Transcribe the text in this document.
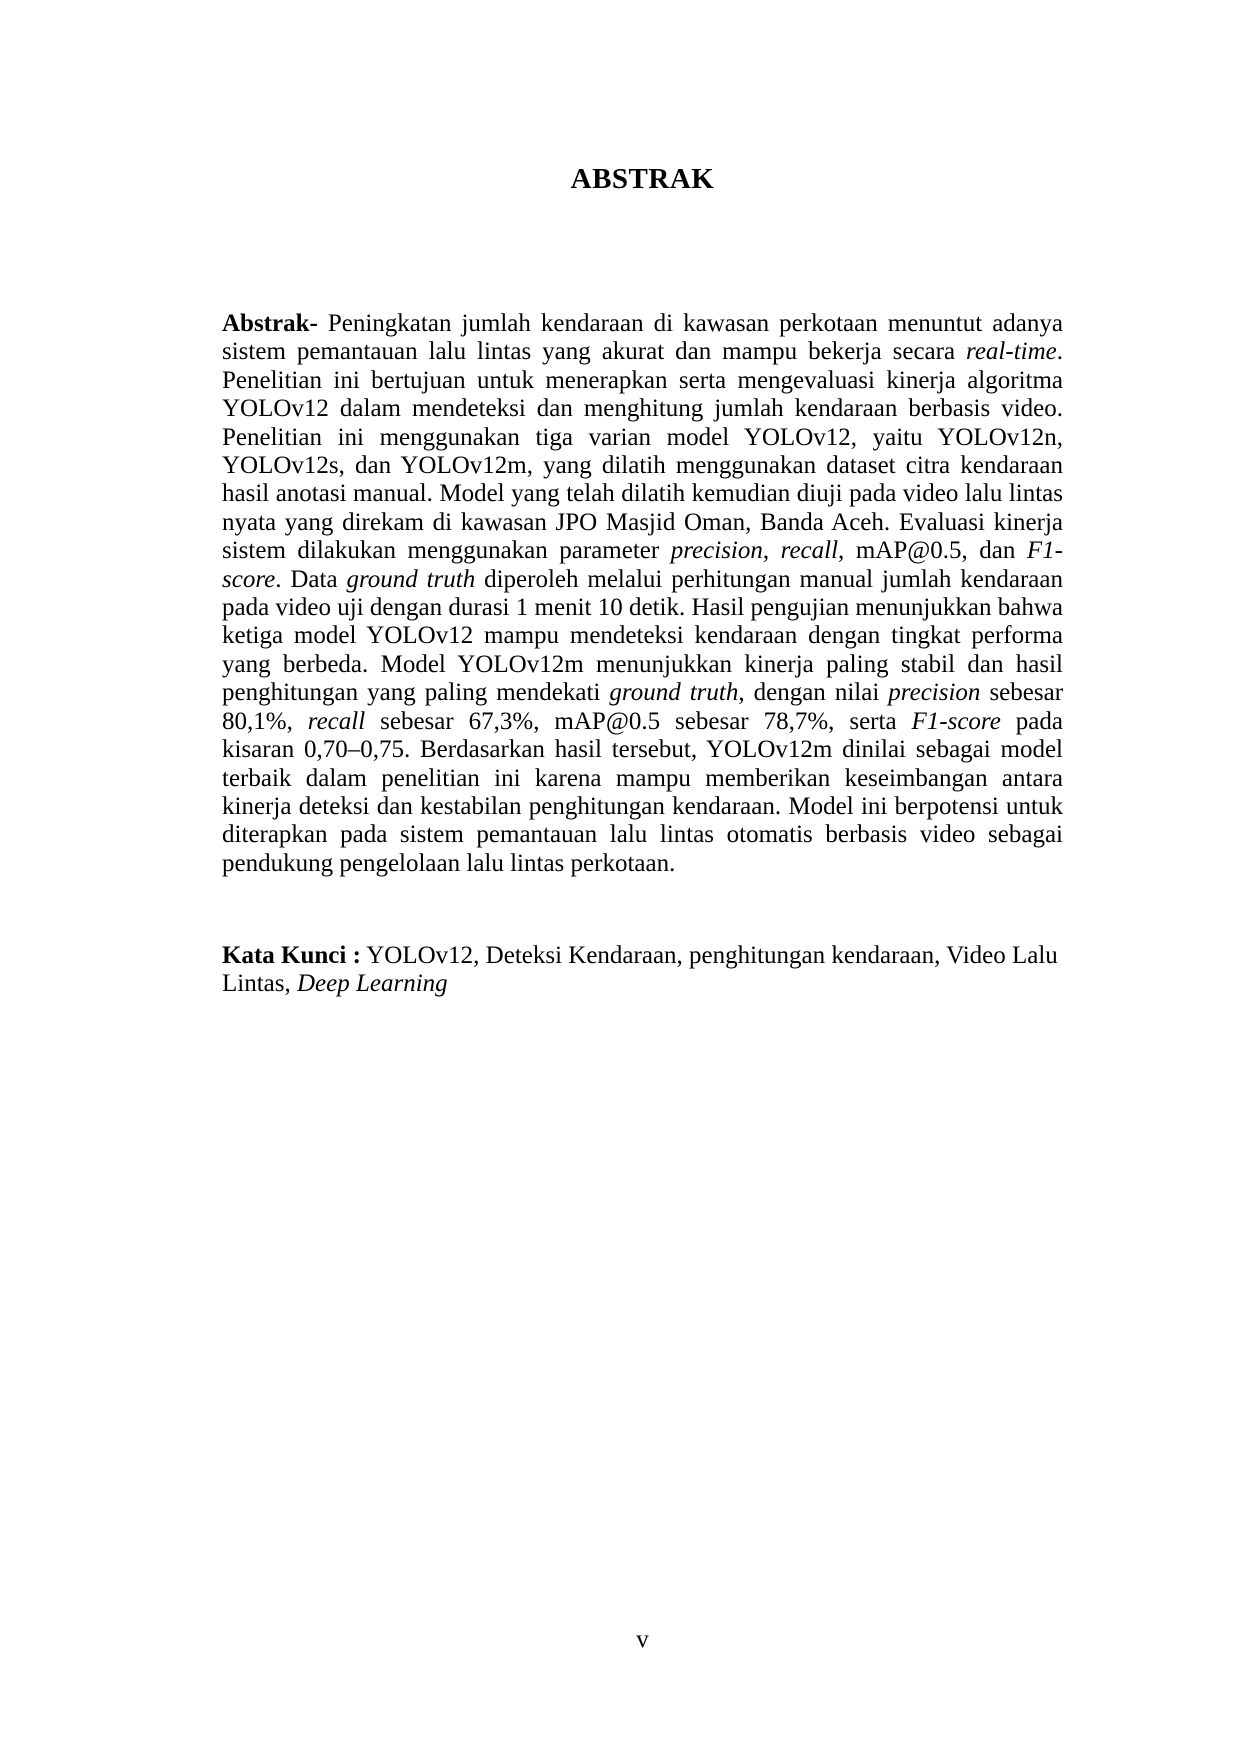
ABSTRAK

Abstrak- Peningkatan jumlah kendaraan di kawasan perkotaan menuntut adanya sistem pemantauan lalu lintas yang akurat dan mampu bekerja secara real-time. Penelitian ini bertujuan untuk menerapkan serta mengevaluasi kinerja algoritma YOLOv12 dalam mendeteksi dan menghitung jumlah kendaraan berbasis video. Penelitian ini menggunakan tiga varian model YOLOv12, yaitu YOLOv12n, YOLOv12s, dan YOLOv12m, yang dilatih menggunakan dataset citra kendaraan hasil anotasi manual. Model yang telah dilatih kemudian diuji pada video lalu lintas nyata yang direkam di kawasan JPO Masjid Oman, Banda Aceh. Evaluasi kinerja sistem dilakukan menggunakan parameter precision, recall, mAP@0.5, dan F1-score. Data ground truth diperoleh melalui perhitungan manual jumlah kendaraan pada video uji dengan durasi 1 menit 10 detik. Hasil pengujian menunjukkan bahwa ketiga model YOLOv12 mampu mendeteksi kendaraan dengan tingkat performa yang berbeda. Model YOLOv12m menunjukkan kinerja paling stabil dan hasil penghitungan yang paling mendekati ground truth, dengan nilai precision sebesar 80,1%, recall sebesar 67,3%, mAP@0.5 sebesar 78,7%, serta F1-score pada kisaran 0,70–0,75. Berdasarkan hasil tersebut, YOLOv12m dinilai sebagai model terbaik dalam penelitian ini karena mampu memberikan keseimbangan antara kinerja deteksi dan kestabilan penghitungan kendaraan. Model ini berpotensi untuk diterapkan pada sistem pemantauan lalu lintas otomatis berbasis video sebagai pendukung pengelolaan lalu lintas perkotaan.

Kata Kunci : YOLOv12, Deteksi Kendaraan, penghitungan kendaraan, Video Lalu Lintas, Deep Learning

v
